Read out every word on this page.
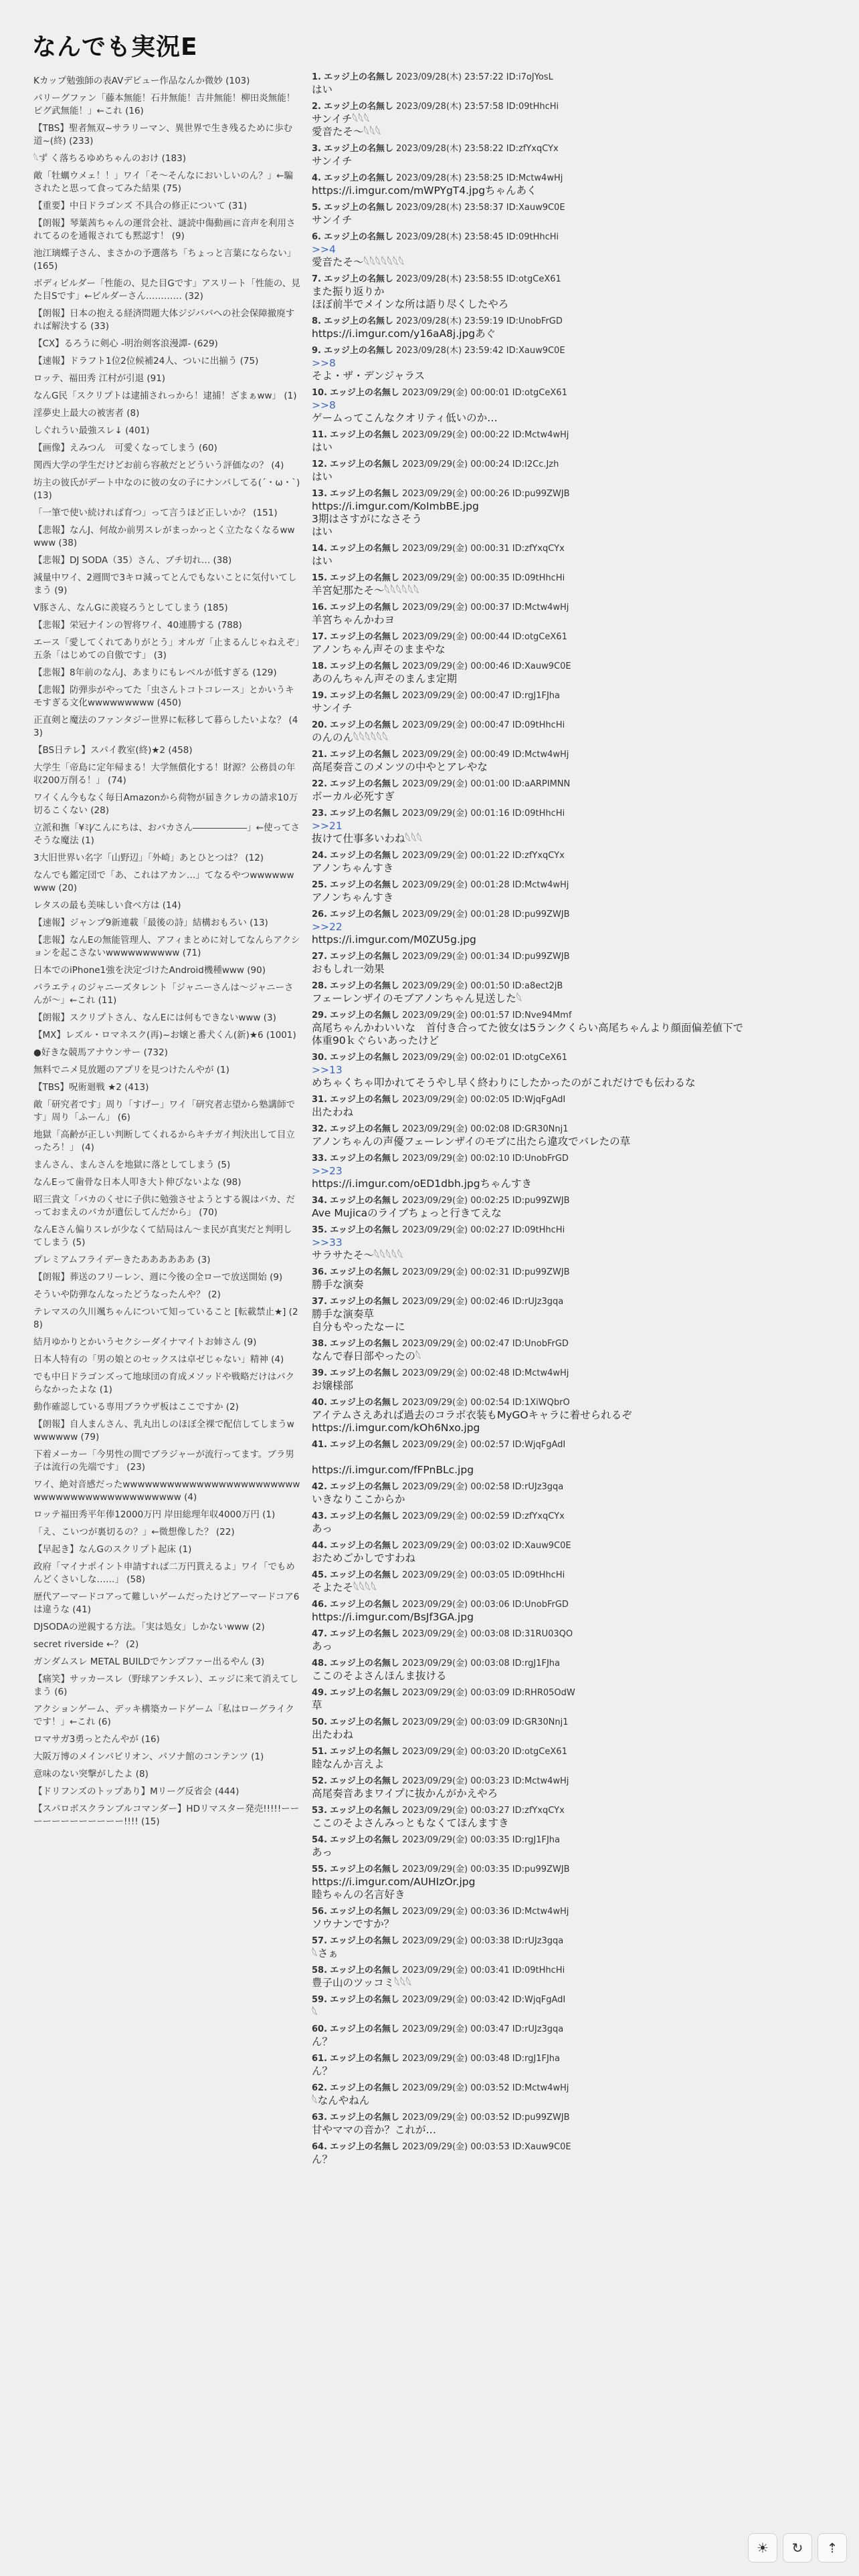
なんでも実況E
Kカップ勉強師の表AVデビュー作品なんか微妙 (103)
パリーグファン「藤本無能！石井無能！吉井無能！柳田炎無能！ビグ武無能！」←これ (16)
【TBS】聖者無双~サラリーマン、異世界で生き残るために歩む道~(終) (233)
𓆩ず く落ちるゆめちゃんのおけ (183)
敵「牡蠣ウメェ！！」ワイ「そ～そんなにおいしいのん？」←騙されたと思って食ってみた結果 (75)
【重要】中日ドラゴンズ 不具合の修正について (31)
【朗報】琴葉茜ちゃんの運営会社、謎読中傷動画に音声を利用されてるのを通報されても黙認す！ (9)
池江璃蝶子さん、まさかの予選落ち「ちょっと言葉にならない」 (165)
ボディビルダー「性能の、見た目Gです」アスリート「性能の、見た目Sです」←ビルダーさん………… (32)
【朗報】日本の抱える経済問題大体ジジババへの社会保障撤廃すれば解決する (33)
【CX】るろうに剣心 -明治剣客浪漫譚- (629)
【速報】ドラフト1位2位候補24人、ついに出揃う (75)
ロッテ、福田秀 江村が引退 (91)
なんG民「スクリプトは逮捕されっから！逮捕！ざまぁww」 (1)
淫夢史上最大の被害者 (8)
しぐれうい最強スレ↓ (401)
【画像】えみつん　可愛くなってしまう (60)
関西大学の学生だけどお前ら容赦だとどういう評価なの？ (4)
坊主の彼氏がデート中なのに彼の女の子にナンパしてる(´・ω・`) (13)
「一筆で使い続ければ育つ」って言うほど正しいか？ (151)
【悲報】なんJ、何故か前男スレがまっかっとく立たなくなるwwwww (38)
【悲報】DJ SODA（35）さん、ブチ切れ… (38)
減量中ワイ、2週間で3キロ減ってとんでもないことに気付いてしまう (9)
V豚さん、なんGに羨寝ろうとしてしまう (185)
【悲報】栄冠ナインの智将ワイ、40連勝する (788)
エース「愛してくれてありがとう」オルガ「止まるんじゃねえぞ」五条「はじめての自傲です」 (3)
【悲報】8年前のなんJ、あまりにもレベルが低すぎる (129)
【悲報】防弾歩がやってた「虫さんトコトコレース」とかいうキモすぎる文化wwwwwwwww (450)
正直剣と魔法のファンタジー世界に転移して暮らしたいよな？ (43)
【BS日テレ】スパイ教室(終)★2 (458)
大学生「帝島に定年帰まる！大学無償化する！財源？公務員の年収200万削る！」 (74)
ワイくん今もなく毎日Amazonから荷物が届きクレカの請求10万切るこくない (28)
立派和撫「¥ﾐ|⁄こんにちは、おバカさん――――――」←使ってさそうな魔法 (1)
3大旧世界い名字「山野辺」「外崎」あとひとつは？ (12)
なんでも鑑定団で「あ、これはアカン…」てなるやつwwwwwwwww (20)
レタスの最も美味しい食べ方は (14)
【速報】ジャンプ9新連載「最後の詩」結構おもろい (13)
【悲報】なんEの無能管理人、アフィまとめに対してなんらアクションを起こさないwwwwwwwwww (71)
日本でのiPhone1強を決定づけたAndroid機種www (90)
バラエティのジャニーズタレント「ジャニーさんは～ジャニーさんが～」←これ (11)
【朗報】スクリプトさん、なんEには何もできないwww (3)
【MX】レズル・ロマネスク(再)~お嬢と番犬くん(新)★6 (1001)
●好きな競馬アナウンサー (732)
無料でニメ見放題のアプリを見つけたんやが (1)
【TBS】呪術廻戦 ★2 (413)
敵「研究者です」周り「すげー」ワイ「研究者志望から塾講師です」周り「ふーん」 (6)
地獄「高齢が正しい判断してくれるからキチガイ判決出して目立ったろ！」 (4)
まんさん、まんさんを地獄に落としてしまう (5)
なんEって歯骨な日本人叩き大ト伸びないよな (98)
昭三貴文「バカのくせに子供に勉強させようとする親はバカ、だっておまえのバカが遺伝してんだから」 (70)
なんEさん偏りスレが少なくて結局はん～ま民が真実だと判明してしまう (5)
プレミアムフライデーきたああああああ (3)
【朗報】葬送のフリーレン、週に今後の全ローで放送開始 (9)
そういや防弾なんなったどうなったんや？ (2)
テレマスの久川颯ちゃんについて知っていること [転載禁止★] (28)
結月ゆかりとかいうセクシーダイナマイトお姉さん (9)
日本人特有の「男の娘とのセックスは卓ゼじゃない」精神 (4)
でも中日ドラゴンズって地球団の育成メソッドや戦略だけはパクらなかったよな (1)
動作確認している専用ブラウザ板はここですか (2)
【朗報】自人まんさん、乳丸出しのほぼ全裸で配信してしまうwwwwwww (79)
下着メーカー「今男性の間でブラジャーが流行ってます。ブラ男子は流行の先端です」 (23)
ワイ、絶対音感だったwwwwwwwwwwwwwwwwwwwwwwwwwwwwwwwwwwwwwwwwwwww (4)
ロッテ福田秀平年俸12000万円 岸田総理年収4000万円 (1)
「え、こいつが裏切るの？」←微想像した？ (22)
【早起き】なんGのスクリプト起床 (1)
政府「マイナポイント申請すれば二万円貰えるよ」ワイ「でもめんどくさいしな……」 (58)
歴代アーマードコアって難しいゲームだったけどアーマードコア6は違うな (41)
DJSODAの逆親する方法。「実は処女」しかないwww (2)
secret riverside ←？ (2)
ガンダムスレ METAL BUILDでケンプファー出るやん (3)
【痛笑】サッカースレ（野球アンチスレ）、エッジに来て消えてしまう (6)
アクションゲーム、デッキ構築カードゲーム「私はローグライクです！」←これ (6)
ロマサガ3勇っとたんやが (16)
大阪万博のメインパビリオン、パソナ館のコンテンツ (1)
意味のない突撃がしたよ (8)
【ドリフンズのトップあり】Mリーグ反省会 (444)
【スパロボスクランブルコマンダー】HDリマスター発売!!!!!ーーーーーーーーーーーー!!!! (15)
1. エッジ上の名無し 2023/09/28(木) 23:57:22 ID:i7oJYosL
はい
2. エッジ上の名無し 2023/09/28(木) 23:57:58 ID:09tHhcHi
サンイチ𓆩𓆩𓆩
愛音たそ～𓆩𓆩𓆩
3. エッジ上の名無し 2023/09/28(木) 23:58:22 ID:zfYxqCYx
サンイチ
4. エッジ上の名無し 2023/09/28(木) 23:58:25 ID:Mctw4wHj
https://i.imgur.com/mWPYgT4.jpgちゃんあく
5. エッジ上の名無し 2023/09/28(木) 23:58:37 ID:Xauw9C0E
サンイチ
6. エッジ上の名無し 2023/09/28(木) 23:58:45 ID:09tHhcHi
>>4
愛音たそ～𓆩𓆩𓆩𓆩𓆩𓆩𓆩
7. エッジ上の名無し 2023/09/28(木) 23:58:55 ID:otgCeX61
また振り返りか
ほぼ前半でメインな所は語り尽くしたやろ
8. エッジ上の名無し 2023/09/28(木) 23:59:19 ID:UnobFrGD
https://i.imgur.com/y16aA8j.jpgあぐ
9. エッジ上の名無し 2023/09/28(木) 23:59:42 ID:Xauw9C0E
>>8
そよ・ザ・デンジャラス
10. エッジ上の名無し 2023/09/29(金) 00:00:01 ID:otgCeX61
>>8
ゲームってこんなクオリティ低いのか…
11. エッジ上の名無し 2023/09/29(金) 00:00:22 ID:Mctw4wHj
はい
12. エッジ上の名無し 2023/09/29(金) 00:00:24 ID:I2Cc.Jzh
はい
13. エッジ上の名無し 2023/09/29(金) 00:00:26 ID:pu99ZWJB
https://i.imgur.com/KoImbBE.jpg
3期はさすがになさそう
はい
14. エッジ上の名無し 2023/09/29(金) 00:00:31 ID:zfYxqCYx
はい
15. エッジ上の名無し 2023/09/29(金) 00:00:35 ID:09tHhcHi
羊宮妃那たそ～𓆩𓆩𓆩𓆩𓆩𓆩
16. エッジ上の名無し 2023/09/29(金) 00:00:37 ID:Mctw4wHj
羊宮ちゃんかわヨ
17. エッジ上の名無し 2023/09/29(金) 00:00:44 ID:otgCeX61
アノンちゃん声そのままやな
18. エッジ上の名無し 2023/09/29(金) 00:00:46 ID:Xauw9C0E
あのんちゃん声そのまんま定期
19. エッジ上の名無し 2023/09/29(金) 00:00:47 ID:rgJ1FJha
サンイチ
20. エッジ上の名無し 2023/09/29(金) 00:00:47 ID:09tHhcHi
のんのん𓆩𓆩𓆩𓆩𓆩𓆩
21. エッジ上の名無し 2023/09/29(金) 00:00:49 ID:Mctw4wHj
高尾奏音このメンツの中やとアレやな
22. エッジ上の名無し 2023/09/29(金) 00:01:00 ID:aARPIMNN
ボーカル必死すぎ
23. エッジ上の名無し 2023/09/29(金) 00:01:16 ID:09tHhcHi
>>21
抜けて仕事多いわね𓆩𓆩𓆩
24. エッジ上の名無し 2023/09/29(金) 00:01:22 ID:zfYxqCYx
アノンちゃんすき
25. エッジ上の名無し 2023/09/29(金) 00:01:28 ID:Mctw4wHj
アノンちゃんすき
26. エッジ上の名無し 2023/09/29(金) 00:01:28 ID:pu99ZWJB
>>22
https://i.imgur.com/M0ZU5g.jpg
27. エッジ上の名無し 2023/09/29(金) 00:01:34 ID:pu99ZWJB
おもしれ一効果
28. エッジ上の名無し 2023/09/29(金) 00:01:50 ID:a8ect2jB
フェーレンザイのモブアノンちゃん見送した𓆩
29. エッジ上の名無し 2023/09/29(金) 00:01:57 ID:Nve94Mmf
高尾ちゃんかわいいな　首付き合ってた彼女は5ランクくらい高尾ちゃんより顔面偏差値下で
体重90ｋぐらいあったけど
30. エッジ上の名無し 2023/09/29(金) 00:02:01 ID:otgCeX61
>>13
めちゃくちゃ叩かれてそうやし早く終わりにしたかったのがこれだけでも伝わるな
31. エッジ上の名無し 2023/09/29(金) 00:02:05 ID:WjqFgAdI
出たわね
32. エッジ上の名無し 2023/09/29(金) 00:02:08 ID:GR30Nnj1
アノンちゃんの声優フェーレンザイのモブに出たら違攻でバレたの草
33. エッジ上の名無し 2023/09/29(金) 00:02:10 ID:UnobFrGD
>>23
https://i.imgur.com/oED1dbh.jpgちゃんすき
34. エッジ上の名無し 2023/09/29(金) 00:02:25 ID:pu99ZWJB
Ave Mujicaのライブちょっと行きてえな
35. エッジ上の名無し 2023/09/29(金) 00:02:27 ID:09tHhcHi
>>33
サラサたそ～𓆩𓆩𓆩𓆩𓆩
36. エッジ上の名無し 2023/09/29(金) 00:02:31 ID:pu99ZWJB
勝手な演奏
37. エッジ上の名無し 2023/09/29(金) 00:02:46 ID:rUJz3gqa
勝手な演奏草
自分もやったなーに
38. エッジ上の名無し 2023/09/29(金) 00:02:47 ID:UnobFrGD
なんで春日部やったの𓆩
39. エッジ上の名無し 2023/09/29(金) 00:02:48 ID:Mctw4wHj
お嬢様部
40. エッジ上の名無し 2023/09/29(金) 00:02:54 ID:1XiWQbrO
アイテムさえあれば過去のコラボ衣装もMyGOキャラに着せられるぞ
https://i.imgur.com/kOh6Nxo.jpg
41. エッジ上の名無し 2023/09/29(金) 00:02:57 ID:WjqFgAdI
https://i.imgur.com/fFPnBLc.jpg
42. エッジ上の名無し 2023/09/29(金) 00:02:58 ID:rUJz3gqa
いきなりここからか
43. エッジ上の名無し 2023/09/29(金) 00:02:59 ID:zfYxqCYx
あっ
44. エッジ上の名無し 2023/09/29(金) 00:03:02 ID:Xauw9C0E
おためごかしですわね
45. エッジ上の名無し 2023/09/29(金) 00:03:05 ID:09tHhcHi
そよたそ𓆩𓆩𓆩𓆩
46. エッジ上の名無し 2023/09/29(金) 00:03:06 ID:UnobFrGD
https://i.imgur.com/BsJf3GA.jpg
47. エッジ上の名無し 2023/09/29(金) 00:03:08 ID:31RU03QO
あっ
48. エッジ上の名無し 2023/09/29(金) 00:03:08 ID:rgJ1FJha
ここのそよさんほんま抜ける
49. エッジ上の名無し 2023/09/29(金) 00:03:09 ID:RHR05OdW
草
50. エッジ上の名無し 2023/09/29(金) 00:03:09 ID:GR30Nnj1
出たわね
51. エッジ上の名無し 2023/09/29(金) 00:03:20 ID:otgCeX61
睦なんか言えよ
52. エッジ上の名無し 2023/09/29(金) 00:03:23 ID:Mctw4wHj
高尾奏音あまワイプに抜かんがかえやろ
53. エッジ上の名無し 2023/09/29(金) 00:03:27 ID:zfYxqCYx
ここのそよさんみっともなくてほんますき
54. エッジ上の名無し 2023/09/29(金) 00:03:35 ID:rgJ1FJha
あっ
55. エッジ上の名無し 2023/09/29(金) 00:03:35 ID:pu99ZWJB
https://i.imgur.com/AUHIzOr.jpg
睦ちゃんの名言好き
56. エッジ上の名無し 2023/09/29(金) 00:03:36 ID:Mctw4wHj
ソウナンですか？
57. エッジ上の名無し 2023/09/29(金) 00:03:38 ID:rUJz3gqa
𓆩さぁ
58. エッジ上の名無し 2023/09/29(金) 00:03:41 ID:09tHhcHi
豊子山のツッコミ𓆩𓆩𓆩
59. エッジ上の名無し 2023/09/29(金) 00:03:42 ID:WjqFgAdI
𓆩
60. エッジ上の名無し 2023/09/29(金) 00:03:47 ID:rUJz3gqa
ん？
61. エッジ上の名無し 2023/09/29(金) 00:03:48 ID:rgJ1FJha
ん？
62. エッジ上の名無し 2023/09/29(金) 00:03:52 ID:Mctw4wHj
𓆩なんやねん
63. エッジ上の名無し 2023/09/29(金) 00:03:52 ID:pu99ZWJB
甘やママの音か？これが…
64. エッジ上の名無し 2023/09/29(金) 00:03:53 ID:Xauw9C0E
ん？
☀	↻	⇡
